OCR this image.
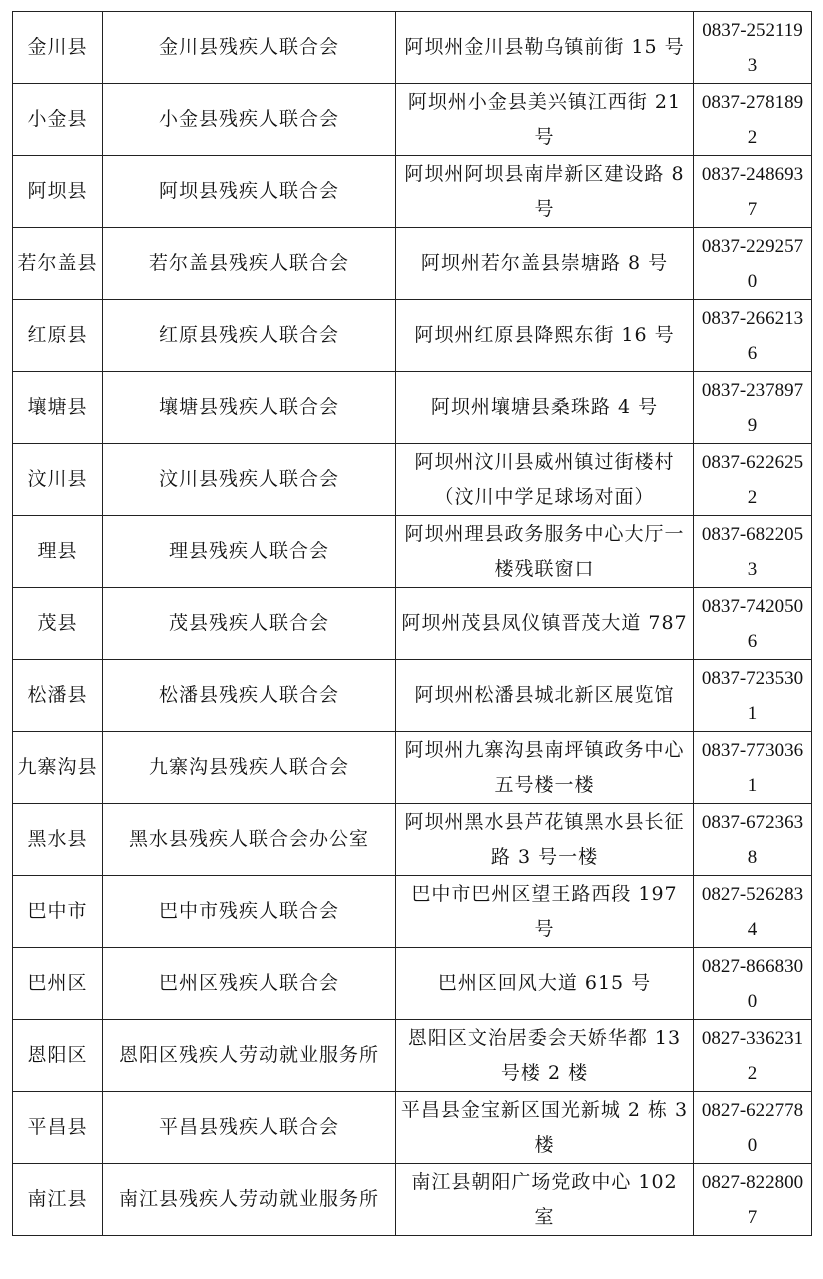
金川县	金川县残疾人联合会	阿坝州金川县勒乌镇前街 15 号	0837-2521193
小金县	小金县残疾人联合会	阿坝州小金县美兴镇江西街 21 号	0837-2781892
阿坝县	阿坝县残疾人联合会	阿坝州阿坝县南岸新区建设路 8 号	0837-2486937
若尔盖县	若尔盖县残疾人联合会	阿坝州若尔盖县崇塘路 8 号	0837-2292570
红原县	红原县残疾人联合会	阿坝州红原县降熙东街 16 号	0837-2662136
壤塘县	壤塘县残疾人联合会	阿坝州壤塘县桑珠路 4 号	0837-2378979
汶川县	汶川县残疾人联合会	阿坝州汶川县威州镇过街楼村（汶川中学足球场对面）	0837-6226252
理县	理县残疾人联合会	阿坝州理县政务服务中心大厅一楼残联窗口	0837-6822053
茂县	茂县残疾人联合会	阿坝州茂县凤仪镇晋茂大道 787	0837-7420506
松潘县	松潘县残疾人联合会	阿坝州松潘县城北新区展览馆	0837-7235301
九寨沟县	九寨沟县残疾人联合会	阿坝州九寨沟县南坪镇政务中心五号楼一楼	0837-7730361
黑水县	黑水县残疾人联合会办公室	阿坝州黑水县芦花镇黑水县长征路 3 号一楼	0837-6723638
巴中市	巴中市残疾人联合会	巴中市巴州区望王路西段 197 号	0827-5262834
巴州区	巴州区残疾人联合会	巴州区回风大道 615 号	0827-8668300
恩阳区	恩阳区残疾人劳动就业服务所	恩阳区文治居委会天娇华都 13 号楼 2 楼	0827-3362312
平昌县	平昌县残疾人联合会	平昌县金宝新区国光新城 2 栋 3 楼	0827-6227780
南江县	南江县残疾人劳动就业服务所	南江县朝阳广场党政中心 102 室	0827-8228007
